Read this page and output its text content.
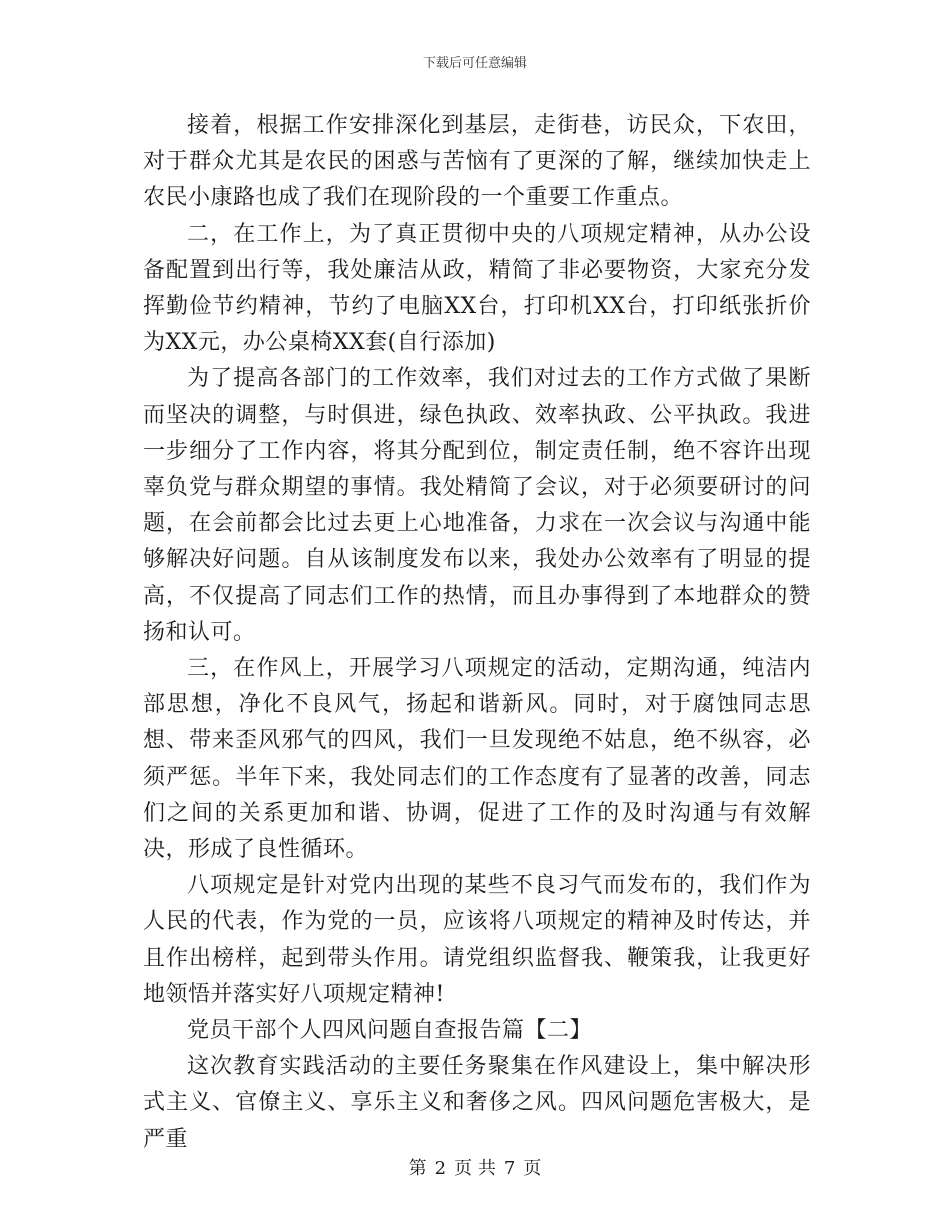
下载后可任意编辑

接着，根据工作安排深化到基层，走街巷，访民众，下农田，对于群众尤其是农民的困惑与苦恼有了更深的了解，继续加快走上农民小康路也成了我们在现阶段的一个重要工作重点。

二，在工作上，为了真正贯彻中央的八项规定精神，从办公设备配置到出行等，我处廉洁从政，精简了非必要物资，大家充分发挥勤俭节约精神，节约了电脑XX台，打印机XX台，打印纸张折价为XX元，办公桌椅XX套(自行添加)

为了提高各部门的工作效率，我们对过去的工作方式做了果断而坚决的调整，与时俱进，绿色执政、效率执政、公平执政。我进一步细分了工作内容，将其分配到位，制定责任制，绝不容许出现辜负党与群众期望的事情。我处精简了会议，对于必须要研讨的问题，在会前都会比过去更上心地准备，力求在一次会议与沟通中能够解决好问题。自从该制度发布以来，我处办公效率有了明显的提高，不仅提高了同志们工作的热情，而且办事得到了本地群众的赞扬和认可。

三，在作风上，开展学习八项规定的活动，定期沟通，纯洁内部思想，净化不良风气，扬起和谐新风。同时，对于腐蚀同志思想、带来歪风邪气的四风，我们一旦发现绝不姑息，绝不纵容，必须严惩。半年下来，我处同志们的工作态度有了显著的改善，同志们之间的关系更加和谐、协调，促进了工作的及时沟通与有效解决，形成了良性循环。

八项规定是针对党内出现的某些不良习气而发布的，我们作为人民的代表，作为党的一员，应该将八项规定的精神及时传达，并且作出榜样，起到带头作用。请党组织监督我、鞭策我，让我更好地领悟并落实好八项规定精神!

党员干部个人四风问题自查报告篇【二】

这次教育实践活动的主要任务聚集在作风建设上，集中解决形式主义、官僚主义、享乐主义和奢侈之风。四风问题危害极大，是严重

第 2 页 共 7 页
